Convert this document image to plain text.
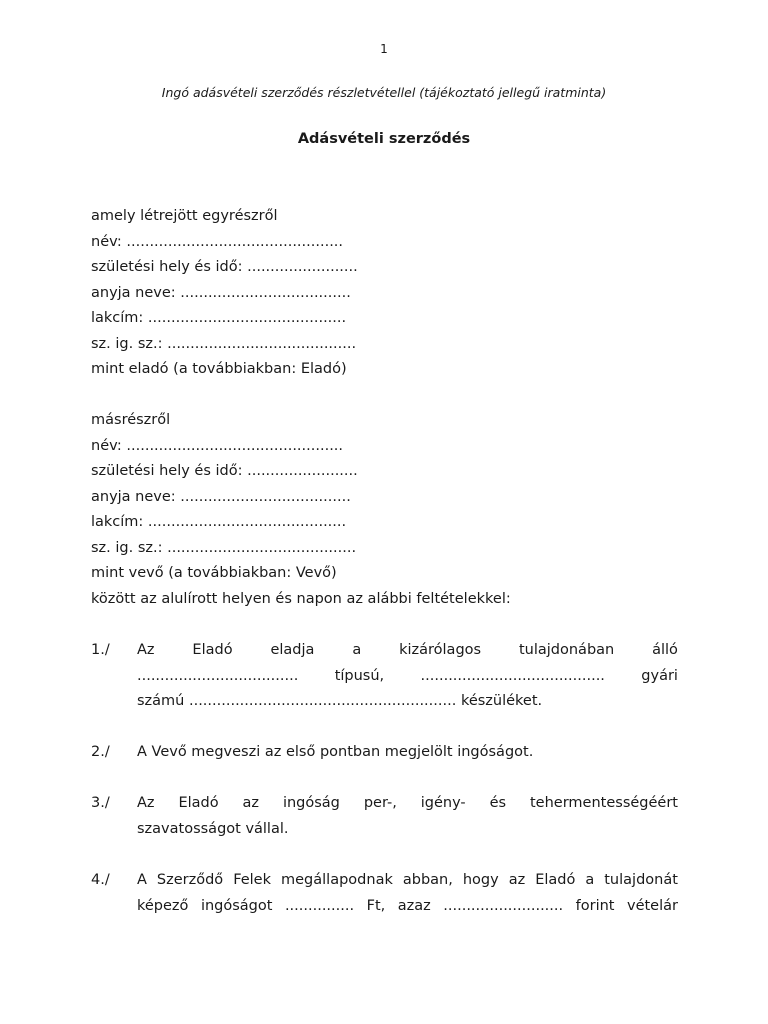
1
Ingó adásvételi szerződés részletvétellel (tájékoztató jellegű iratminta)
Adásvételi szerződés
amely létrejött egyrészről
név: ...............................................
születési hely és idő: ........................
anyja neve: .....................................
lakcím: ...........................................
sz. ig. sz.: .........................................
mint eladó (a továbbiakban: Eladó)
másrészről
név: ...............................................
születési hely és idő: ........................
anyja neve: .....................................
lakcím: ...........................................
sz. ig. sz.: .........................................
mint vevő (a továbbiakban: Vevő)
között az alulírott helyen és napon az alábbi feltételekkel:
1./	Az	Eladó	eladja	a	kizárólagos	tulajdonában	álló
...................................	típusú,	........................................	gyári
számú .......................................................... készüléket.
2./	A Vevő megveszi az első pontban megjelölt ingóságot.
3./	Az Eladó az ingóság per-, igény- és tehermentességéért
szavatosságot vállal.
4./	A Szerződő Felek megállapodnak abban, hogy az Eladó a tulajdonát
képező ingóságot ............... Ft, azaz .......................... forint vételár
